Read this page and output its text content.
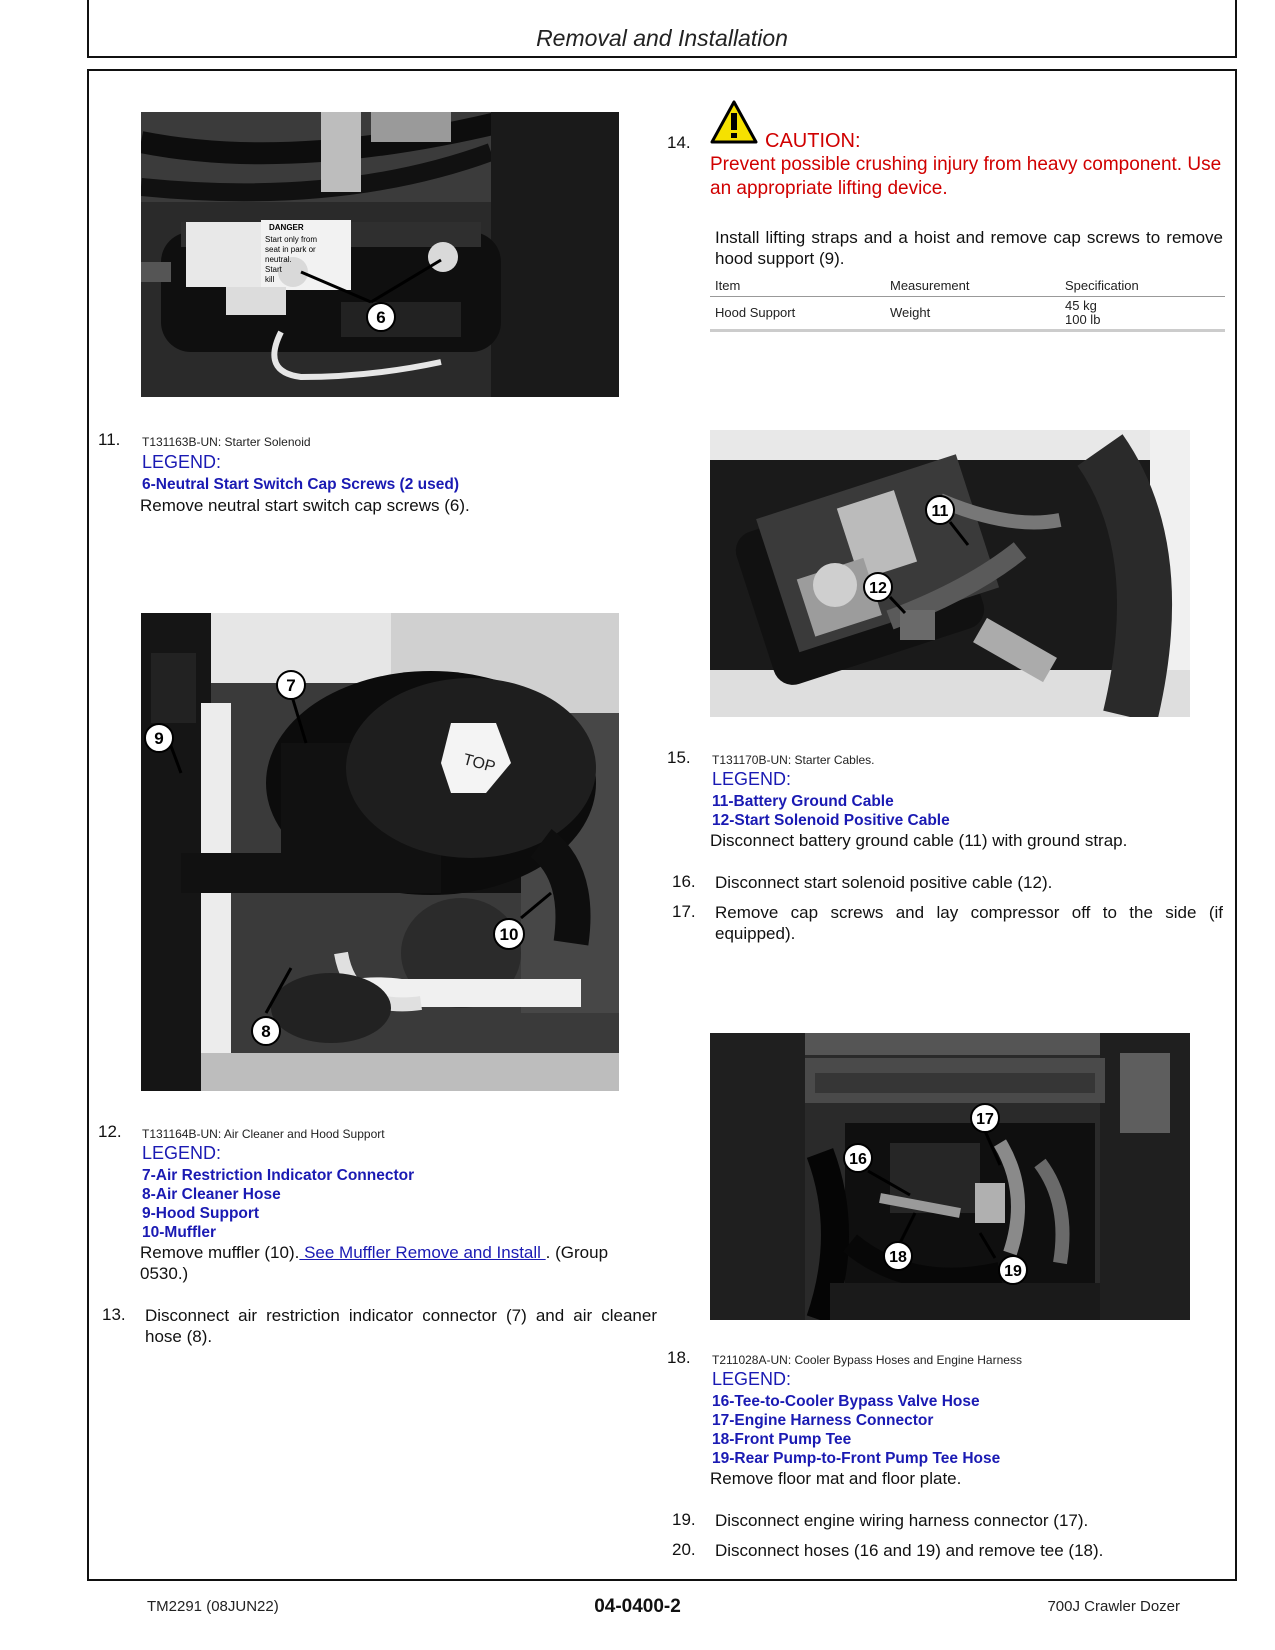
Removal and Installation
DANGER
Start only from
seat in park or
neutral.
Start
kill
6
11. T131163B-UN: Starter Solenoid
LEGEND:
6-Neutral Start Switch Cap Screws (2 used)
Remove neutral start switch cap screws (6).
TOP
7
9
10
8
12. T131164B-UN: Air Cleaner and Hood Support
LEGEND:
7-Air Restriction Indicator Connector
8-Air Cleaner Hose
9-Hood Support
10-Muffler
Remove muffler (10). See Muffler Remove and Install . (Group 0530.)
13. Disconnect air restriction indicator connector (7) and air cleaner hose (8).
14.	CAUTION:
Prevent possible crushing injury from heavy component. Use an appropriate lifting device.
Install lifting straps and a hoist and remove cap screws to remove hood support (9).
Item	Measurement	Specification
Hood Support	Weight	45 kg
100 lb
11
12
15. T131170B-UN: Starter Cables.
LEGEND:
11-Battery Ground Cable
12-Start Solenoid Positive Cable
Disconnect battery ground cable (11) with ground strap.
16. Disconnect start solenoid positive cable (12).
17. Remove cap screws and lay compressor off to the side (if equipped).
17
16
18
19
18. T211028A-UN: Cooler Bypass Hoses and Engine Harness
LEGEND:
16-Tee-to-Cooler Bypass Valve Hose
17-Engine Harness Connector
18-Front Pump Tee
19-Rear Pump-to-Front Pump Tee Hose
Remove floor mat and floor plate.
19. Disconnect engine wiring harness connector (17).
20. Disconnect hoses (16 and 19) and remove tee (18).
TM2291 (08JUN22)	04-0400-2	700J Crawler Dozer
